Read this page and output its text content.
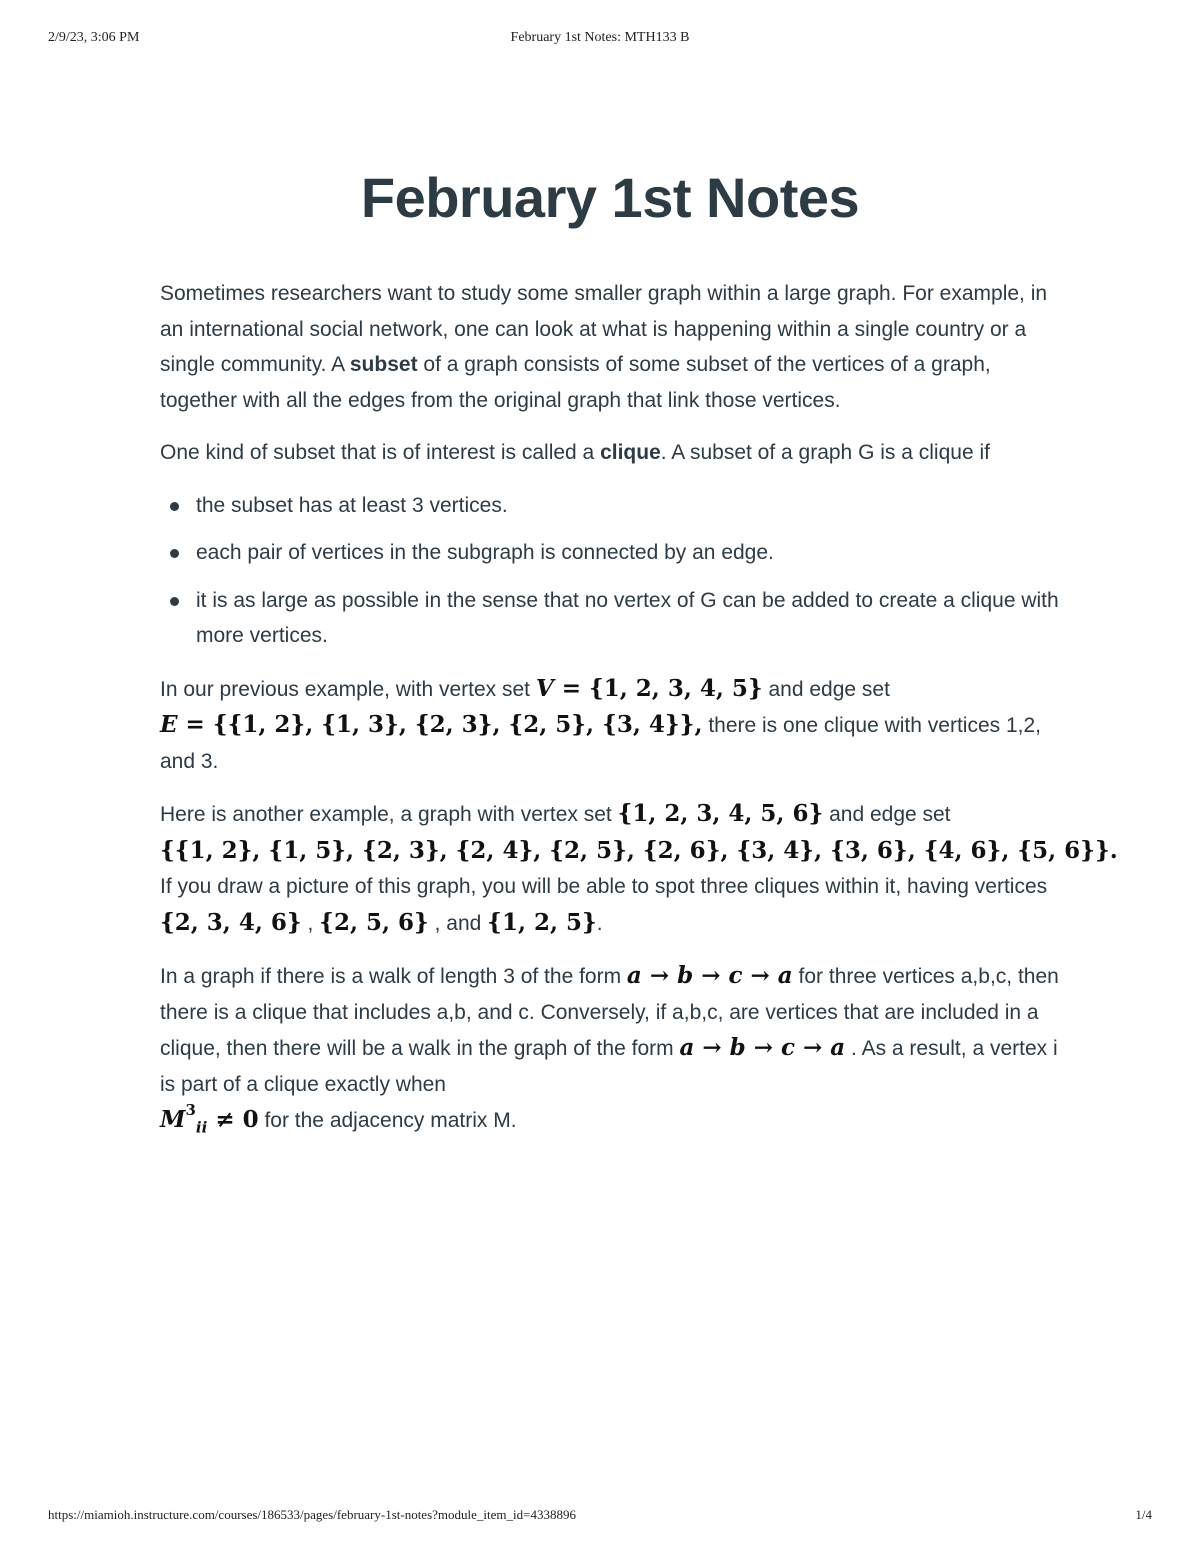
2/9/23, 3:06 PM	February 1st Notes: MTH133 B
February 1st Notes

Sometimes researchers want to study some smaller graph within a large graph. For example, in an international social network, one can look at what is happening within a single country or a single community. A subset of a graph consists of some subset of the vertices of a graph, together with all the edges from the original graph that link those vertices.

One kind of subset that is of interest is called a clique. A subset of a graph G is a clique if

the subset has at least 3 vertices.
each pair of vertices in the subgraph is connected by an edge.
it is as large as possible in the sense that no vertex of G can be added to create a clique with more vertices.

In our previous example, with vertex set V = {1, 2, 3, 4, 5} and edge set
E = {{1, 2}, {1, 3}, {2, 3}, {2, 5}, {3, 4}}, there is one clique with vertices 1,2, and 3.

Here is another example, a graph with vertex set {1, 2, 3, 4, 5, 6} and edge set
{{1, 2}, {1, 5}, {2, 3}, {2, 4}, {2, 5}, {2, 6}, {3, 4}, {3, 6}, {4, 6}, {5, 6}}. If you draw a picture of this graph, you will be able to spot three cliques within it, having vertices {2, 3, 4, 6} , {2, 5, 6} , and {1, 2, 5}.

In a graph if there is a walk of length 3 of the form a → b → c → a for three vertices a,b,c, then there is a clique that includes a,b, and c. Conversely, if a,b,c, are vertices that are included in a clique, then there will be a walk in the graph of the form a → b → c → a . As a result, a vertex i is part of a clique exactly when
$M^3_{ii} \ne 0$ for the adjacency matrix M.

https://miamioh.instructure.com/courses/186533/pages/february-1st-notes?module_item_id=4338896	1/4
